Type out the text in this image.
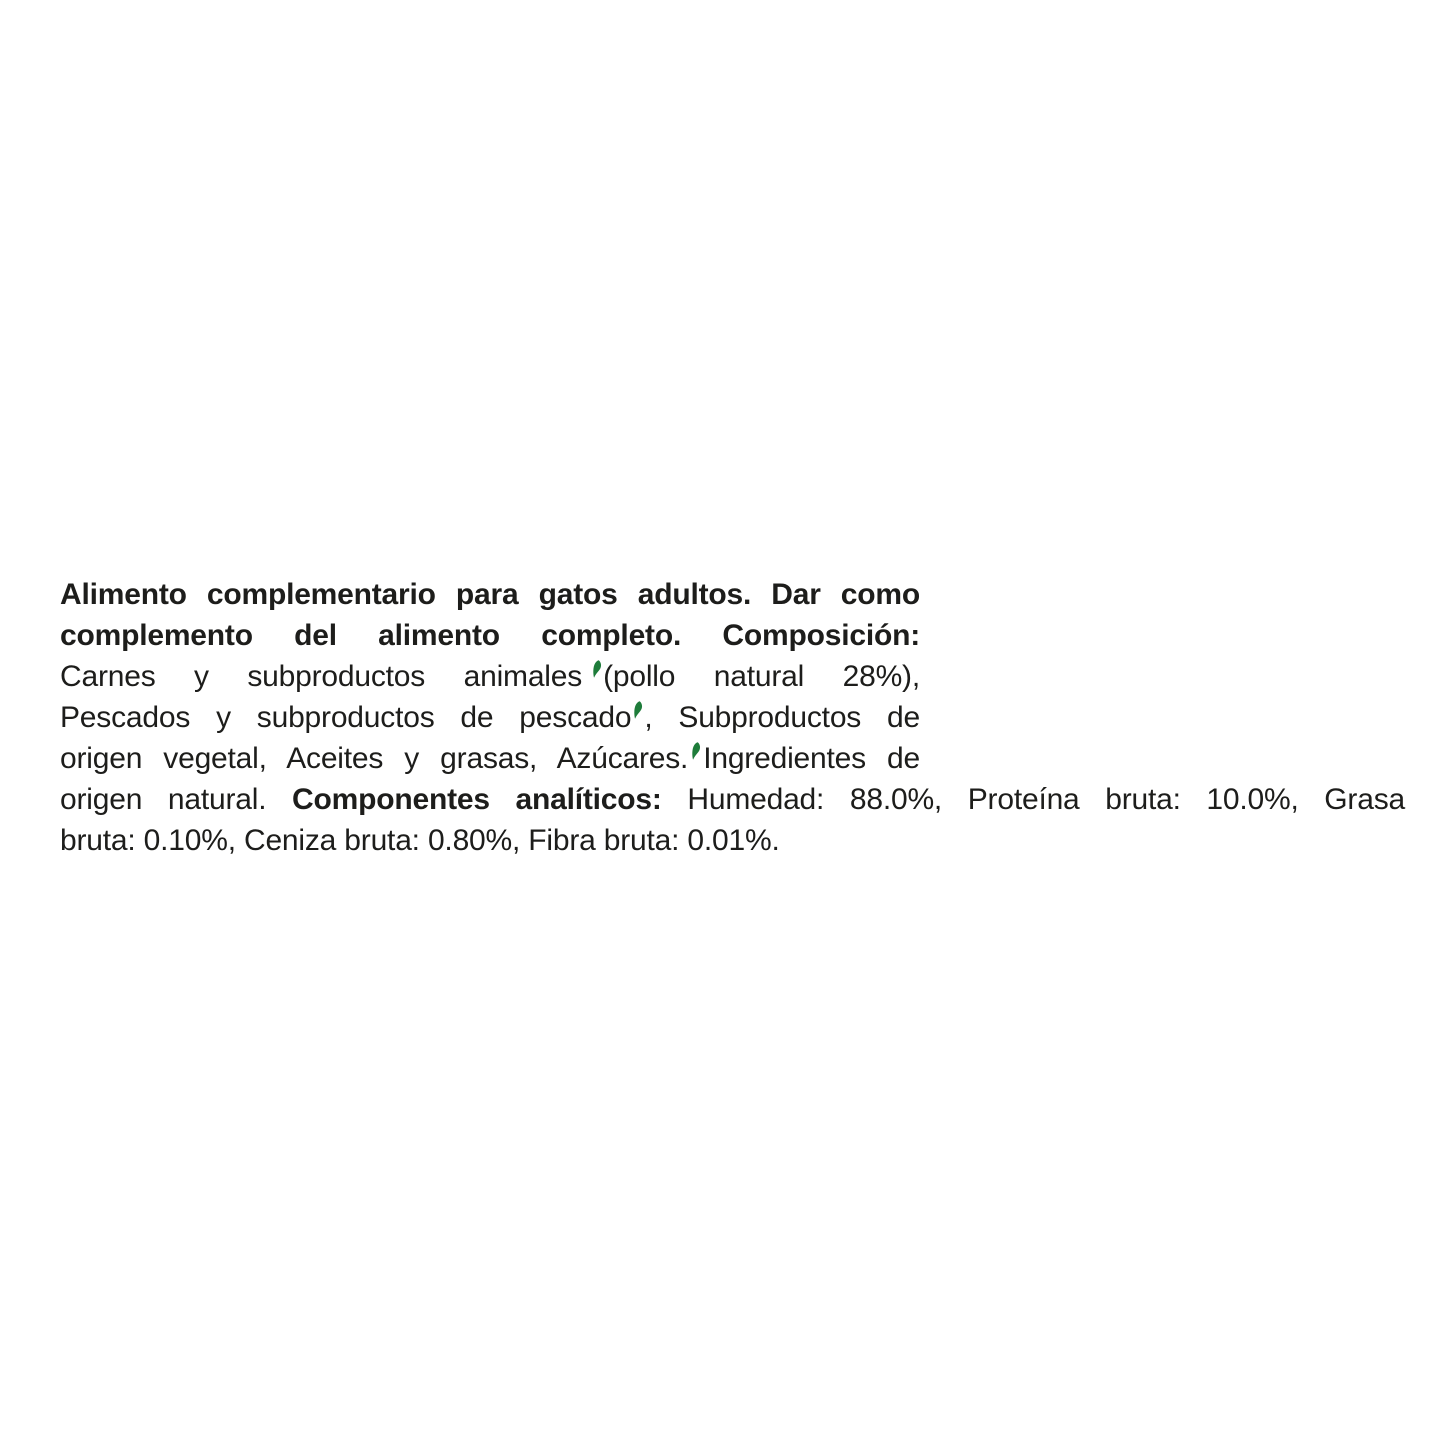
Alimento complementario para gatos adultos. Dar como
complemento del alimento completo. Composición:
Carnes y subproductos animales (pollo natural 28%),
Pescados y subproductos de pescado , Subproductos de
origen vegetal, Aceites y grasas, Azúcares. Ingredientes de
origen natural. Componentes analíticos: Humedad: 88.0%, Proteína bruta: 10.0%, Grasa
bruta: 0.10%, Ceniza bruta: 0.80%, Fibra bruta: 0.01%.
